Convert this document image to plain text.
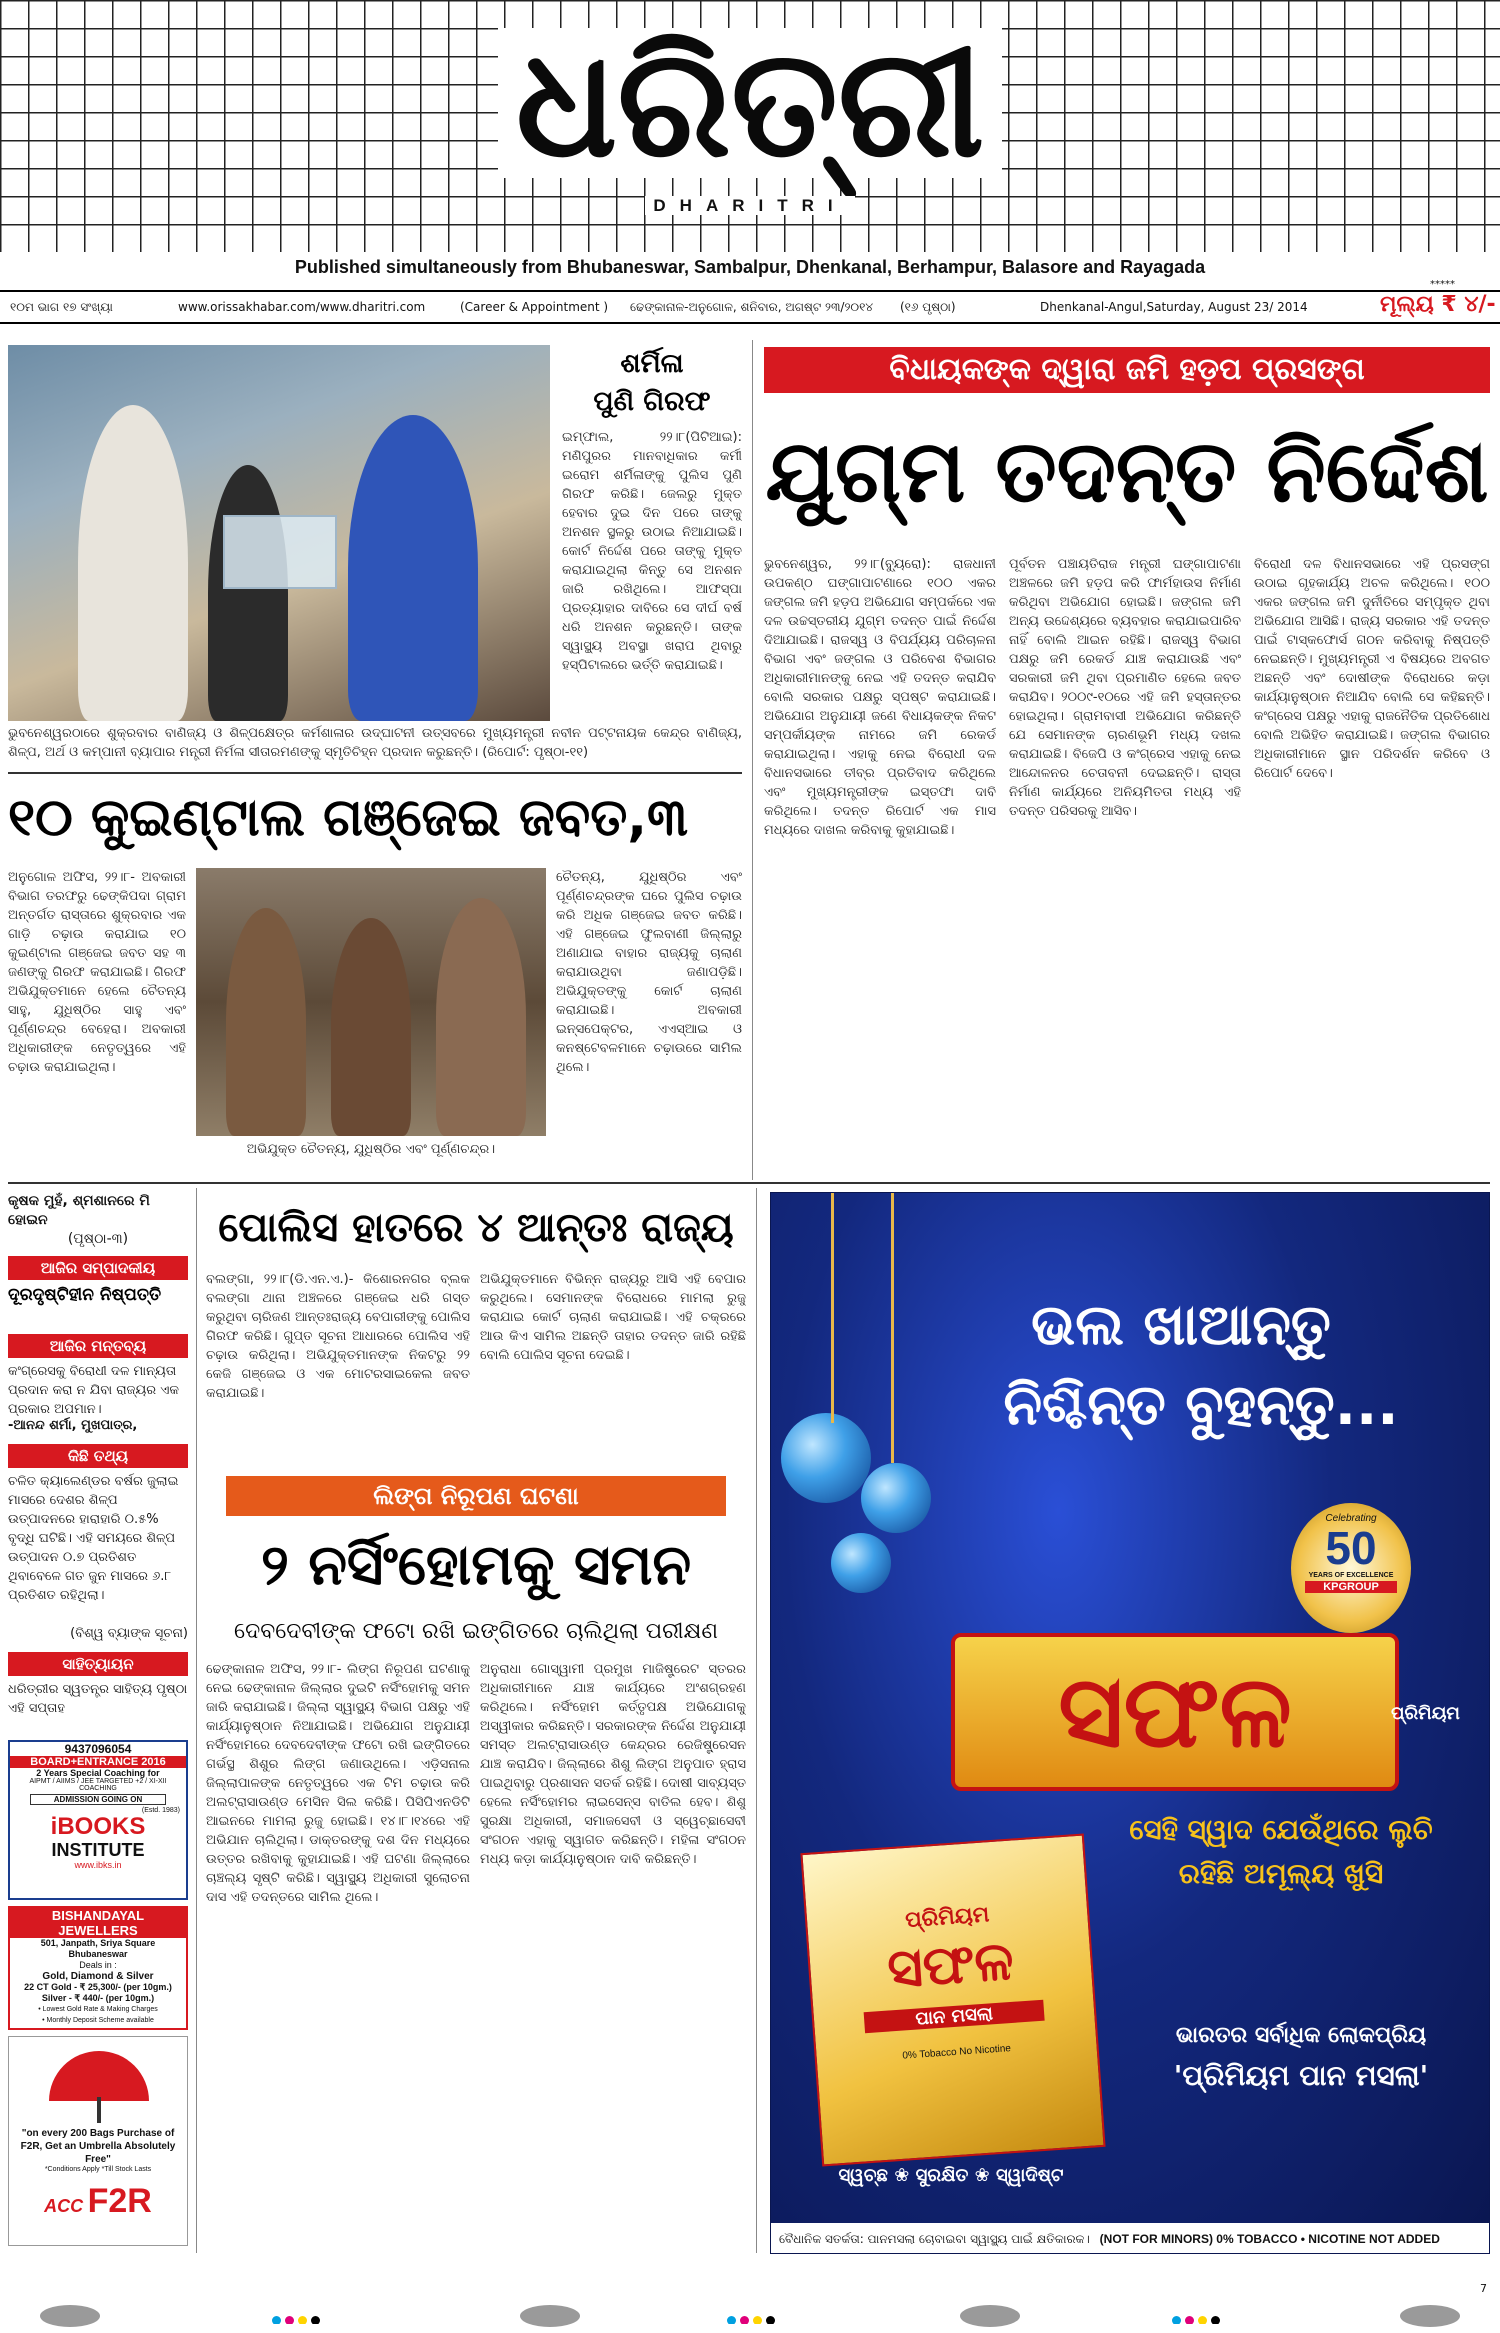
ଧରିତ୍ରୀ
DHARITRI
Published simultaneously from Bhubaneswar, Sambalpur, Dhenkanal, Berhampur, Balasore and Rayagada
*****
୧୦ମ ଭାଗ ୧୭ ସଂଖ୍ୟା	www.orissakhabar.com/www.dharitri.com	(Career & Appointment ) ଢେଙ୍କାନାଳ-ଅନୁଗୋଳ, ଶନିବାର, ଅଗଷ୍ଟ ୨୩/୨୦୧୪ (୧୬ ପୃଷ୍ଠା)	Dhenkanal-Angul,Saturday, August 23/ 2014	ମୂଲ୍ୟ ₹ ୪/-
ଶର୍ମିଳା
ପୁଣି ଗିରଫ
ଇମ୍ଫାଲ, ୨୨।୮(ପିଟିଆଇ): ମଣିପୁରର ମାନବାଧିକାର କର୍ମୀ ଇରୋମ ଶର୍ମିଳାଙ୍କୁ ପୁଲିସ ପୁଣି ଗିରଫ କରିଛି। ଜେଲରୁ ମୁକ୍ତ ହେବାର ଦୁଇ ଦିନ ପରେ ତାଙ୍କୁ ଅନଶନ ସ୍ଥଳରୁ ଉଠାଇ ନିଆଯାଇଛି। କୋର୍ଟ ନିର୍ଦ୍ଦେଶ ପରେ ତାଙ୍କୁ ମୁକ୍ତ କରାଯାଇଥିଲା କିନ୍ତୁ ସେ ଅନଶନ ଜାରି ରଖିଥିଲେ। ଆଫସ୍ପା ପ୍ରତ୍ୟାହାର ଦାବିରେ ସେ ଦୀର୍ଘ ବର୍ଷ ଧରି ଅନଶନ କରୁଛନ୍ତି। ତାଙ୍କ ସ୍ୱାସ୍ଥ୍ୟ ଅବସ୍ଥା ଖରାପ ଥିବାରୁ ହସ୍ପିଟାଲରେ ଭର୍ତ୍ତି କରାଯାଇଛି।
ଭୁବନେଶ୍ୱରଠାରେ ଶୁକ୍ରବାର ବାଣିଜ୍ୟ ଓ ଶିଳ୍ପକ୍ଷେତ୍ର କର୍ମଶାଳାର ଉଦ୍‌ଘାଟନୀ ଉତ୍ସବରେ ମୁଖ୍ୟମନ୍ତ୍ରୀ ନବୀନ ପଟ୍ଟନାୟକ କେନ୍ଦ୍ର ବାଣିଜ୍ୟ, ଶିଳ୍ପ, ଅର୍ଥ ଓ କମ୍ପାନୀ ବ୍ୟାପାର ମନ୍ତ୍ରୀ ନିର୍ମଳା ସୀତାରମଣଙ୍କୁ ସ୍ମୃତିଚିହ୍ନ ପ୍ରଦାନ କରୁଛନ୍ତି। (ରିପୋର୍ଟ: ପୃଷ୍ଠା-୧୧)
ବିଧାୟକଙ୍କ ଦ୍ୱାରା ଜମି ହଡ଼ପ ପ୍ରସଙ୍ଗ
ଯୁଗ୍ମ ତଦନ୍ତ ନିର୍ଦ୍ଦେଶ
ଭୁବନେଶ୍ୱର, ୨୨।୮(ବ୍ୟୁରୋ): ରାଜଧାନୀ ଉପକଣ୍ଠ ଘଙ୍ଗାପାଟଣାରେ ୧୦୦ ଏକର ଜଙ୍ଗଲ ଜମି ହଡ଼ପ ଅଭିଯୋଗ ସମ୍ପର୍କରେ ଏକ ଦଳ ଉଚ୍ଚସ୍ତରୀୟ ଯୁଗ୍ମ ତଦନ୍ତ ପାଇଁ ନିର୍ଦ୍ଦେଶ ଦିଆଯାଇଛି। ରାଜସ୍ୱ ଓ ବିପର୍ଯ୍ୟୟ ପରିଚାଳନା ବିଭାଗ ଏବଂ ଜଙ୍ଗଲ ଓ ପରିବେଶ ବିଭାଗର ଅଧିକାରୀମାନଙ୍କୁ ନେଇ ଏହି ତଦନ୍ତ କରାଯିବ ବୋଲି ସରକାର ପକ୍ଷରୁ ସ୍ପଷ୍ଟ କରାଯାଇଛି। ଅଭିଯୋଗ ଅନୁଯାୟୀ ଜଣେ ବିଧାୟକଙ୍କ ନିକଟ ସମ୍ପର୍କୀୟଙ୍କ ନାମରେ ଜମି ରେକର୍ଡ କରାଯାଇଥିଲା। ଏହାକୁ ନେଇ ବିରୋଧୀ ଦଳ ବିଧାନସଭାରେ ତୀବ୍ର ପ୍ରତିବାଦ କରିଥିଲେ ଏବଂ ମୁଖ୍ୟମନ୍ତ୍ରୀଙ୍କ ଇସ୍ତଫା ଦାବି କରିଥିଲେ। ତଦନ୍ତ ରିପୋର୍ଟ ଏକ ମାସ ମଧ୍ୟରେ ଦାଖଲ କରିବାକୁ କୁହାଯାଇଛି।
ପୂର୍ବତନ ପଞ୍ଚାୟତିରାଜ ମନ୍ତ୍ରୀ ଘଙ୍ଗାପାଟଣା ଅଞ୍ଚଳରେ ଜମି ହଡ଼ପ କରି ଫାର୍ମହାଉସ ନିର୍ମାଣ କରିଥିବା ଅଭିଯୋଗ ହୋଇଛି। ଜଙ୍ଗଲ ଜମି ଅନ୍ୟ ଉଦ୍ଦେଶ୍ୟରେ ବ୍ୟବହାର କରାଯାଇପାରିବ ନାହିଁ ବୋଲି ଆଇନ ରହିଛି। ରାଜସ୍ୱ ବିଭାଗ ପକ୍ଷରୁ ଜମି ରେକର୍ଡ ଯାଞ୍ଚ କରାଯାଉଛି ଏବଂ ସରକାରୀ ଜମି ଥିବା ପ୍ରମାଣିତ ହେଲେ ଜବତ କରାଯିବ। ୨୦୦୯-୧୦ରେ ଏହି ଜମି ହସ୍ତାନ୍ତର ହୋଇଥିଲା। ଗ୍ରାମବାସୀ ଅଭିଯୋଗ କରିଛନ୍ତି ଯେ ସେମାନଙ୍କ ଚାରଣଭୂମି ମଧ୍ୟ ଦଖଲ କରାଯାଇଛି। ବିଜେପି ଓ କଂଗ୍ରେସ ଏହାକୁ ନେଇ ଆନ୍ଦୋଳନର ଚେତାବନୀ ଦେଇଛନ୍ତି। ରାସ୍ତା ନିର୍ମାଣ କାର୍ଯ୍ୟରେ ଅନିୟମିତତା ମଧ୍ୟ ଏହି ତଦନ୍ତ ପରିସରକୁ ଆସିବ।
ବିରୋଧୀ ଦଳ ବିଧାନସଭାରେ ଏହି ପ୍ରସଙ୍ଗ ଉଠାଇ ଗୃହକାର୍ଯ୍ୟ ଅଚଳ କରିଥିଲେ। ୧୦୦ ଏକର ଜଙ୍ଗଲ ଜମି ଦୁର୍ନୀତିରେ ସମ୍ପୃକ୍ତ ଥିବା ଅଭିଯୋଗ ଆସିଛି। ରାଜ୍ୟ ସରକାର ଏହି ତଦନ୍ତ ପାଇଁ ଟାସ୍କଫୋର୍ସ ଗଠନ କରିବାକୁ ନିଷ୍ପତ୍ତି ନେଇଛନ୍ତି। ମୁଖ୍ୟମନ୍ତ୍ରୀ ଏ ବିଷୟରେ ଅବଗତ ଅଛନ୍ତି ଏବଂ ଦୋଷୀଙ୍କ ବିରୋଧରେ କଡ଼ା କାର୍ଯ୍ୟାନୁଷ୍ଠାନ ନିଆଯିବ ବୋଲି ସେ କହିଛନ୍ତି। କଂଗ୍ରେସ ପକ୍ଷରୁ ଏହାକୁ ରାଜନୈତିକ ପ୍ରତିଶୋଧ ବୋଲି ଅଭିହିତ କରାଯାଇଛି। ଜଙ୍ଗଲ ବିଭାଗର ଅଧିକାରୀମାନେ ସ୍ଥାନ ପରିଦର୍ଶନ କରିବେ ଓ ରିପୋର୍ଟ ଦେବେ।
୧୦ କୁଇଣ୍ଟାଲ ଗଞ୍ଜେଇ ଜବତ,୩
ଅନୁଗୋଳ ଅଫିସ, ୨୨।୮- ଅବକାରୀ ବିଭାଗ ତରଫରୁ ଢେଙ୍କିପଦା ଗ୍ରାମ ଅନ୍ତର୍ଗତ ରାସ୍ତାରେ ଶୁକ୍ରବାର ଏକ ଗାଡ଼ି ଚଢ଼ାଉ କରାଯାଇ ୧୦ କୁଇଣ୍ଟାଲ ଗଞ୍ଜେଇ ଜବତ ସହ ୩ ଜଣଙ୍କୁ ଗିରଫ କରାଯାଇଛି। ଗିରଫ ଅଭିଯୁକ୍ତମାନେ ହେଲେ ଚୈତନ୍ୟ ସାହୁ, ଯୁଧିଷ୍ଠିର ସାହୁ ଏବଂ ପୂର୍ଣ୍ଣଚନ୍ଦ୍ର ବେହେରା। ଅବକାରୀ ଅଧିକାରୀଙ୍କ ନେତୃତ୍ୱରେ ଏହି ଚଢ଼ାଉ କରାଯାଇଥିଲା।
ଅଭିଯୁକ୍ତ ଚୈତନ୍ୟ, ଯୁଧିଷ୍ଠିର ଏବଂ ପୂର୍ଣ୍ଣଚନ୍ଦ୍ର।
ଚୈତନ୍ୟ, ଯୁଧିଷ୍ଠିର ଏବଂ ପୂର୍ଣ୍ଣଚନ୍ଦ୍ରଙ୍କ ଘରେ ପୁଲିସ ଚଢ଼ାଉ କରି ଅଧିକ ଗଞ୍ଜେଇ ଜବତ କରିଛି। ଏହି ଗଞ୍ଜେଇ ଫୁଲବାଣୀ ଜିଲ୍ଲାରୁ ଅଣାଯାଇ ବାହାର ରାଜ୍ୟକୁ ଚାଲାଣ କରାଯାଉଥିବା ଜଣାପଡ଼ିଛି। ଅଭିଯୁକ୍ତଙ୍କୁ କୋର୍ଟ ଚାଲାଣ କରାଯାଇଛି। ଅବକାରୀ ଇନ୍‌ସପେକ୍ଟର, ଏଏସ୍ଆଇ ଓ କନଷ୍ଟେବଳମାନେ ଚଢ଼ାଉରେ ସାମିଲ ଥିଲେ।
କୃଷକ ମୁହଁ, ଶ୍ମଶାନରେ ମି ହୋଇନ
(ପୃଷ୍ଠା-୩)
ଆଜିର ସମ୍ପାଦକୀୟ
ଦୂରଦୃଷ୍ଟିହୀନ ନିଷ୍ପତ୍ତି
ଆଜିର ମନ୍ତବ୍ୟ
କଂଗ୍ରେସକୁ ବିରୋଧୀ ଦଳ ମାନ୍ୟତା ପ୍ରଦାନ କରା ନ ଯିବା ରାଜ୍ୟର ଏକ ପ୍ରକାର ଅପମାନ।
-ଆନନ୍ଦ ଶର୍ମା, ମୁଖପାତ୍ର,
କିଛି ତଥ୍ୟ
ଚଳିତ କ୍ୟାଲେଣ୍ଡର ବର୍ଷର ଜୁଲାଇ ମାସରେ ଦେଶର ଶିଳ୍ପ ଉତ୍ପାଦନରେ ହାରାହାରି ୦.୫% ବୃଦ୍ଧି ଘଟିଛି। ଏହି ସମୟରେ ଶିଳ୍ପ ଉତ୍ପାଦନ ୦.୭ ପ୍ରତିଶତ ଥିବାବେଳେ ଗତ ଜୁନ ମାସରେ ୬.୮ ପ୍ରତିଶତ ରହିଥିଲା।
(ବିଶ୍ୱ ବ୍ୟାଙ୍କ ସୂଚନା)
ସାହିତ୍ୟାୟନ
ଧରିତ୍ରୀର ସ୍ୱତନ୍ତ୍ର ସାହିତ୍ୟ ପୃଷ୍ଠା ଏହି ସପ୍ତାହ
9437096054
BOARD+ENTRANCE 2016
2 Years Special Coaching for
AIPMT / AIIMS / JEE TARGETED +2 / XI-XII COACHING
ADMISSION GOING ON
(Estd. 1983)
iBOOKS
INSTITUTE
www.ibks.in
BISHANDAYAL
JEWELLERS
501, Janpath, Sriya Square
Bhubaneswar
Deals in :
Gold, Diamond & Silver
22 CT Gold - ₹ 25,300/- (per 10gm.)
Silver - ₹ 440/- (per 10gm.)
• Lowest Gold Rate & Making Charges
• Monthly Deposit Scheme available
"on every 200 Bags Purchase of F2R, Get an Umbrella Absolutely Free"
*Conditions Apply *Till Stock Lasts
ACC F2R
ପୋଲିସ ହାତରେ ୪ ଆନ୍ତଃ ରାଜ୍ୟ
ବଲଙ୍ଗା, ୨୨।୮(ଡି.ଏନ.ଏ.)- କିଶୋରନଗର ବ୍ଲକ ବଲଙ୍ଗା ଥାନା ଅଞ୍ଚଳରେ ଗଞ୍ଜେଇ ଧରି ଗସ୍ତ କରୁଥିବା ଚାରିଜଣ ଆନ୍ତଃରାଜ୍ୟ ବେପାରୀଙ୍କୁ ପୋଲିସ ଗିରଫ କରିଛି। ଗୁପ୍ତ ସୂଚନା ଆଧାରରେ ପୋଲିସ ଏହି ଚଢ଼ାଉ କରିଥିଲା। ଅଭିଯୁକ୍ତମାନଙ୍କ ନିକଟରୁ ୨୨ କେଜି ଗଞ୍ଜେଇ ଓ ଏକ ମୋଟରସାଇକେଲ ଜବତ କରାଯାଇଛି।
ଅଭିଯୁକ୍ତମାନେ ବିଭିନ୍ନ ରାଜ୍ୟରୁ ଆସି ଏହି ବେପାର କରୁଥିଲେ। ସେମାନଙ୍କ ବିରୋଧରେ ମାମଲା ରୁଜୁ କରାଯାଇ କୋର୍ଟ ଚାଲାଣ କରାଯାଇଛି। ଏହି ଚକ୍ରରେ ଆଉ କିଏ ସାମିଲ ଅଛନ୍ତି ତାହାର ତଦନ୍ତ ଜାରି ରହିଛି ବୋଲି ପୋଲିସ ସୂଚନା ଦେଇଛି।
ଲିଙ୍ଗ ନିରୂପଣ ଘଟଣା
୨ ନର୍ସିଂହୋମକୁ ସମନ
ଦେବଦେବୀଙ୍କ ଫଟୋ ରଖି ଇଙ୍ଗିତରେ ଚାଲିଥିଲା ପରୀକ୍ଷଣ
ଢେଙ୍କାନାଳ ଅଫିସ, ୨୨।୮- ଲିଙ୍ଗ ନିରୂପଣ ଘଟଣାକୁ ନେଇ ଢେଙ୍କାନାଳ ଜିଲ୍ଲାର ଦୁଇଟି ନର୍ସିଂହୋମକୁ ସମନ ଜାରି କରାଯାଇଛି। ଜିଲ୍ଲା ସ୍ୱାସ୍ଥ୍ୟ ବିଭାଗ ପକ୍ଷରୁ ଏହି କାର୍ଯ୍ୟାନୁଷ୍ଠାନ ନିଆଯାଇଛି। ଅଭିଯୋଗ ଅନୁଯାୟୀ ନର୍ସିଂହୋମରେ ଦେବଦେବୀଙ୍କ ଫଟୋ ରଖି ଇଙ୍ଗିତରେ ଗର୍ଭସ୍ଥ ଶିଶୁର ଲିଙ୍ଗ ଜଣାଉଥିଲେ। ଏଡ଼ିସନାଲ ଜିଲ୍ଲାପାଳଙ୍କ ନେତୃତ୍ୱରେ ଏକ ଟିମ ଚଢ଼ାଉ କରି ଅଲଟ୍ରାସାଉଣ୍ଡ ମେସିନ ସିଲ କରିଛି। ପିସିପିଏନଡିଟି ଆଇନରେ ମାମଲା ରୁଜୁ ହୋଇଛି। ୧୪।୮।୧୪ରେ ଏହି ଅଭିଯାନ ଚାଲିଥିଲା। ଡାକ୍ତରଙ୍କୁ ଦଶ ଦିନ ମଧ୍ୟରେ ଉତ୍ତର ରଖିବାକୁ କୁହାଯାଇଛି। ଏହି ଘଟଣା ଜିଲ୍ଲାରେ ଚାଞ୍ଚଲ୍ୟ ସୃଷ୍ଟି କରିଛି। ସ୍ୱାସ୍ଥ୍ୟ ଅଧିକାରୀ ସୁଲୋଚନା ଦାସ ଏହି ତଦନ୍ତରେ ସାମିଲ ଥିଲେ।
ଅନୁରାଧା ଗୋସ୍ୱାମୀ ପ୍ରମୁଖ ମାଜିଷ୍ଟ୍ରେଟ ସ୍ତରର ଅଧିକାରୀମାନେ ଯାଞ୍ଚ କାର୍ଯ୍ୟରେ ଅଂଶଗ୍ରହଣ କରିଥିଲେ। ନର୍ସିଂହୋମ କର୍ତ୍ତୃପକ୍ଷ ଅଭିଯୋଗକୁ ଅସ୍ୱୀକାର କରିଛନ୍ତି। ସରକାରଙ୍କ ନିର୍ଦ୍ଦେଶ ଅନୁଯାୟୀ ସମସ୍ତ ଅଲଟ୍ରାସାଉଣ୍ଡ କେନ୍ଦ୍ରର ରେଜିଷ୍ଟ୍ରେସନ ଯାଞ୍ଚ କରାଯିବ। ଜିଲ୍ଲାରେ ଶିଶୁ ଲିଙ୍ଗ ଅନୁପାତ ହ୍ରାସ ପାଇଥିବାରୁ ପ୍ରଶାସନ ସତର୍କ ରହିଛି। ଦୋଷୀ ସାବ୍ୟସ୍ତ ହେଲେ ନର୍ସିଂହୋମର ଲାଇସେନ୍ସ ବାତିଲ ହେବ। ଶିଶୁ ସୁରକ୍ଷା ଅଧିକାରୀ, ସମାଜସେବୀ ଓ ସ୍ୱେଚ୍ଛାସେବୀ ସଂଗଠନ ଏହାକୁ ସ୍ୱାଗତ କରିଛନ୍ତି। ମହିଳା ସଂଗଠନ ମଧ୍ୟ କଡ଼ା କାର୍ଯ୍ୟାନୁଷ୍ଠାନ ଦାବି କରିଛନ୍ତି।
ଭଲ ଖାଆନ୍ତୁ
ନିଶ୍ଚିନ୍ତ ବୁହନ୍ତୁ...
Celebrating
50
YEARS OF EXCELLENCE
KPGROUP
ସଫଳ	ପ୍ରିମିୟମ
ସେହି ସ୍ୱାଦ ଯେଉଁଥିରେ ଲୁଚି
ରହିଛି ଅମୂଲ୍ୟ ଖୁସି
ପ୍ରିମିୟମ
ସଫଳ
ପାନ ମସଲା
0% Tobacco No Nicotine
ଭାରତର ସର୍ବାଧିକ ଲୋକପ୍ରିୟ
'ପ୍ରିମିୟମ ପାନ ମସଲା'
ସ୍ୱଚ୍ଛ ❀ ସୁରକ୍ଷିତ ❀ ସ୍ୱାଦିଷ୍ଟ
ବୈଧାନିକ ସତର୍କତା: ପାନମସଲା ଚୋବାଇବା ସ୍ୱାସ୍ଥ୍ୟ ପାଇଁ କ୍ଷତିକାରକ। (NOT FOR MINORS) 0% TOBACCO • NICOTINE NOT ADDED
7
